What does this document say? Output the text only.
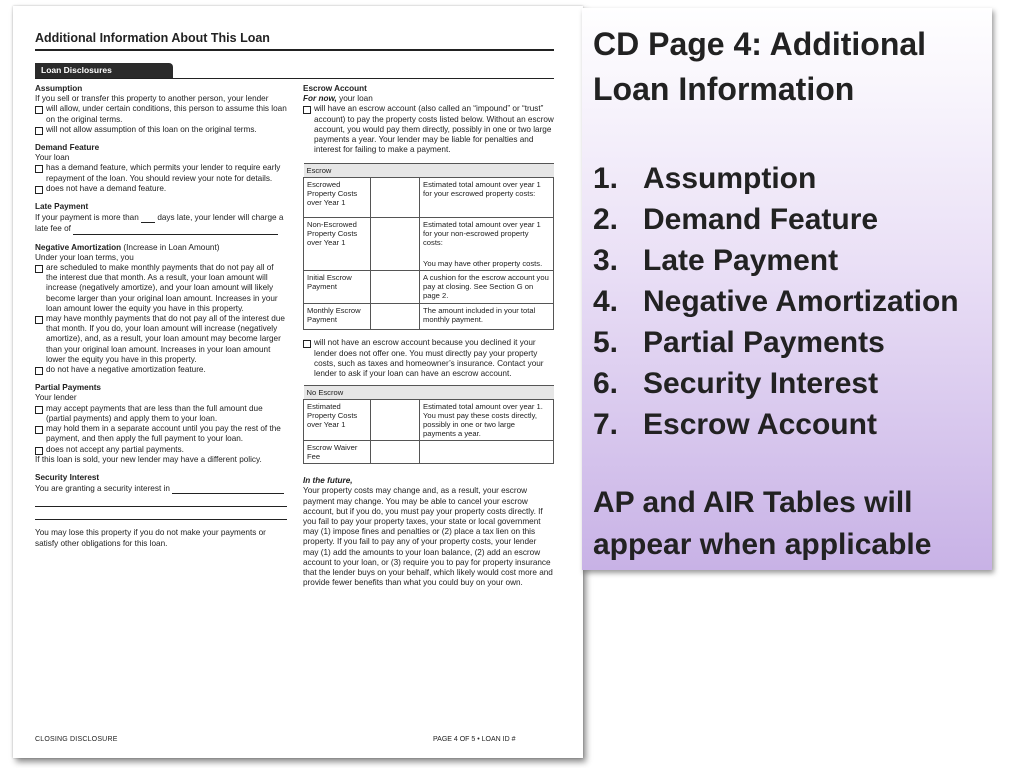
Additional Information About This Loan
Loan Disclosures
Assumption
If you sell or transfer this property to another person, your lender
will allow, under certain conditions, this person to assume this loan on the original terms.
will not allow assumption of this loan on the original terms.
Demand Feature
Your loan
has a demand feature, which permits your lender to require early repayment of the loan. You should review your note for details.
does not have a demand feature.
Late Payment
If your payment is more than days late, your lender will charge a
late fee of
Negative Amortization (Increase in Loan Amount)
Under your loan terms, you
are scheduled to make monthly payments that do not pay all of the interest due that month. As a result, your loan amount will increase (negatively amortize), and your loan amount will likely become larger than your original loan amount. Increases in your loan amount lower the equity you have in this property.
may have monthly payments that do not pay all of the interest due that month. If you do, your loan amount will increase (negatively amortize), and, as a result, your loan amount may become larger than your original loan amount. Increases in your loan amount lower the equity you have in this property.
do not have a negative amortization feature.
Partial Payments
Your lender
may accept payments that are less than the full amount due (partial payments) and apply them to your loan.
may hold them in a separate account until you pay the rest of the payment, and then apply the full payment to your loan.
does not accept any partial payments.
If this loan is sold, your new lender may have a different policy.
Security Interest
You are granting a security interest in
You may lose this property if you do not make your payments or satisfy other obligations for this loan.
Escrow Account
For now, your loan
will have an escrow account (also called an “impound” or “trust” account) to pay the property costs listed below. Without an escrow account, you would pay them directly, possibly in one or two large payments a year. Your lender may be liable for penalties and interest for failing to make a payment.
Escrow		
Escrowed Property Costs over Year 1		Estimated total amount over year 1 for your escrowed property costs:
Non-Escrowed Property Costs over Year 1		Estimated total amount over year 1 for your non-escrowed property costs:
You may have other property costs.

Initial Escrow Payment		A cushion for the escrow account you pay at closing. See Section G on page 2.
Monthly Escrow Payment		The amount included in your total monthly payment.
will not have an escrow account because you declined it your lender does not offer one. You must directly pay your property costs, such as taxes and homeowner’s insurance. Contact your lender to ask if your loan can have an escrow account.
No Escrow		
Estimated Property Costs over Year 1		Estimated total amount over year 1. You must pay these costs directly, possibly in one or two large payments a year.
Escrow Waiver Fee		
In the future,
Your property costs may change and, as a result, your escrow payment may change. You may be able to cancel your escrow account, but if you do, you must pay your property costs directly. If you fail to pay your property taxes, your state or local government may (1) impose fines and penalties or (2) place a tax lien on this property. If you fail to pay any of your property costs, your lender may (1) add the amounts to your loan balance, (2) add an escrow account to your loan, or (3) require you to pay for property insurance that the lender buys on your behalf, which likely would cost more and provide fewer benefits than what you could buy on your own.
CLOSING DISCLOSURE	PAGE 4 OF 5 • LOAN ID #
CD Page 4: Additional Loan Information
1. Assumption
2. Demand Feature
3. Late Payment
4. Negative Amortization
5. Partial Payments
6. Security Interest
7. Escrow Account
AP and AIR Tables will appear when applicable
